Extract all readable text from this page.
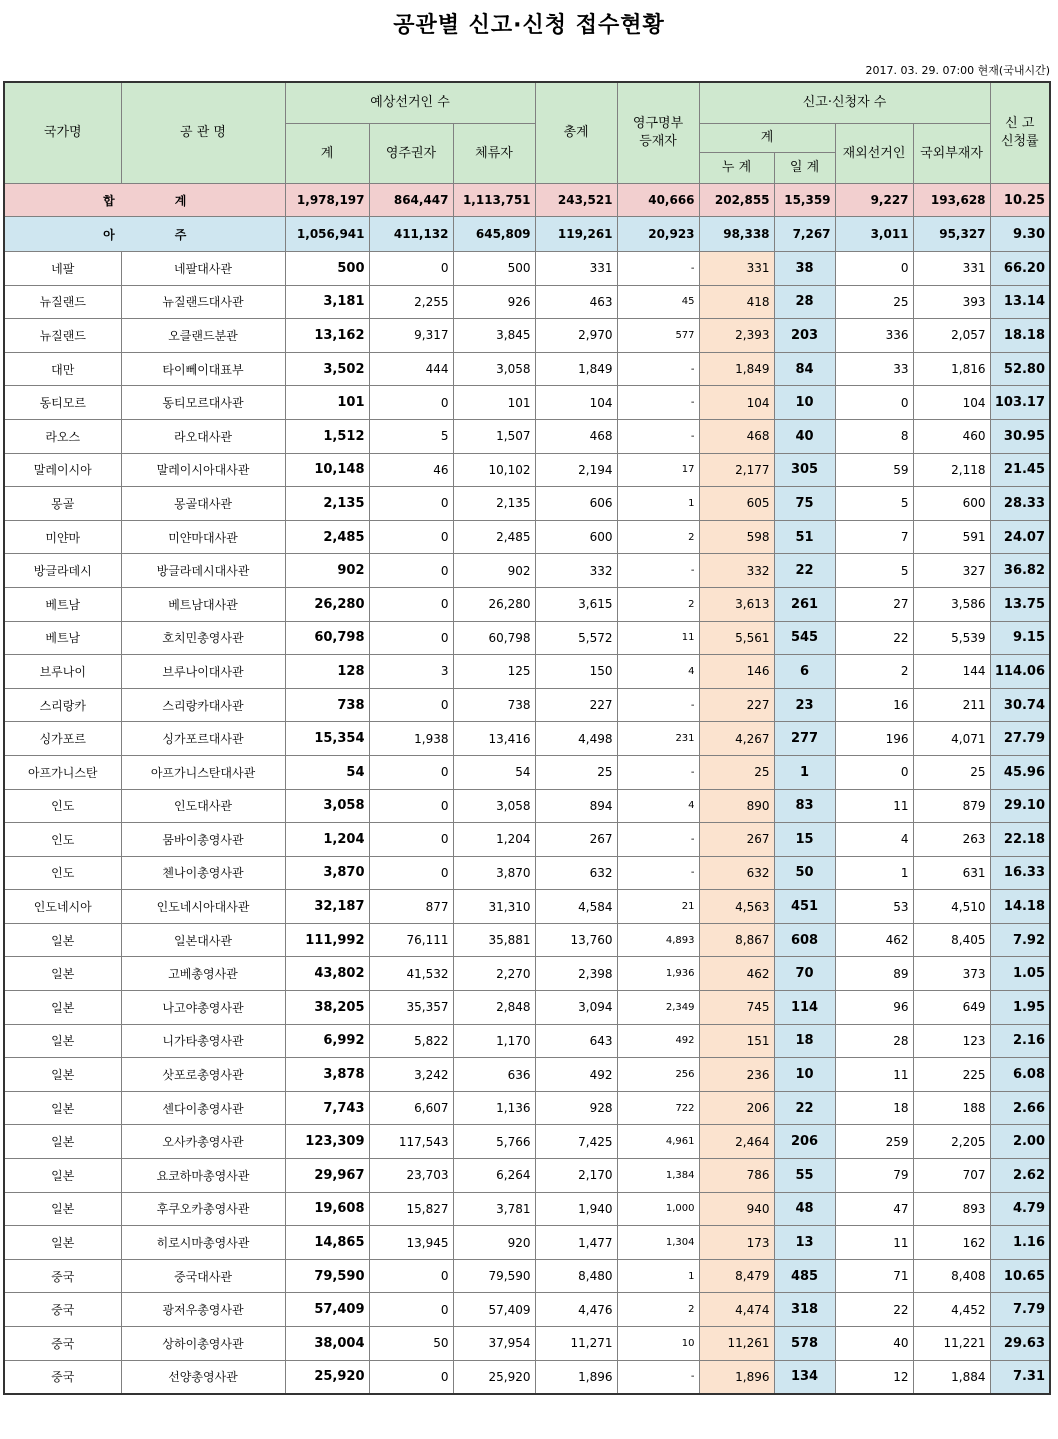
공관별 신고·신청 접수현황
2017. 03. 29. 07:00 현재(국내시간)
국가명	공 관 명	예상선거인 수			총계	영구명부
등재자	신고·신청자 수				신 고
신청률
		계	영주권자	체류자			계		재외선거인	국외부재자	
							누 계	일 계			
합 계		1,978,197	864,447	1,113,751	243,521	40,666	202,855	15,359	9,227	193,628	10.25
아 주		1,056,941	411,132	645,809	119,261	20,923	98,338	7,267	3,011	95,327	9.30
네팔	네팔대사관	500	0	500	331	-	331	38	0	331	66.20
뉴질랜드	뉴질랜드대사관	3,181	2,255	926	463	45	418	28	25	393	13.14
뉴질랜드	오클랜드분관	13,162	9,317	3,845	2,970	577	2,393	203	336	2,057	18.18
대만	타이뻬이대표부	3,502	444	3,058	1,849	-	1,849	84	33	1,816	52.80
동티모르	동티모르대사관	101	0	101	104	-	104	10	0	104	103.17
라오스	라오대사관	1,512	5	1,507	468	-	468	40	8	460	30.95
말레이시아	말레이시아대사관	10,148	46	10,102	2,194	17	2,177	305	59	2,118	21.45
몽골	몽골대사관	2,135	0	2,135	606	1	605	75	5	600	28.33
미얀마	미얀마대사관	2,485	0	2,485	600	2	598	51	7	591	24.07
방글라데시	방글라데시대사관	902	0	902	332	-	332	22	5	327	36.82
베트남	베트남대사관	26,280	0	26,280	3,615	2	3,613	261	27	3,586	13.75
베트남	호치민총영사관	60,798	0	60,798	5,572	11	5,561	545	22	5,539	9.15
브루나이	브루나이대사관	128	3	125	150	4	146	6	2	144	114.06
스리랑카	스리랑카대사관	738	0	738	227	-	227	23	16	211	30.74
싱가포르	싱가포르대사관	15,354	1,938	13,416	4,498	231	4,267	277	196	4,071	27.79
아프가니스탄	아프가니스탄대사관	54	0	54	25	-	25	1	0	25	45.96
인도	인도대사관	3,058	0	3,058	894	4	890	83	11	879	29.10
인도	뭄바이총영사관	1,204	0	1,204	267	-	267	15	4	263	22.18
인도	첸나이총영사관	3,870	0	3,870	632	-	632	50	1	631	16.33
인도네시아	인도네시아대사관	32,187	877	31,310	4,584	21	4,563	451	53	4,510	14.18
일본	일본대사관	111,992	76,111	35,881	13,760	4,893	8,867	608	462	8,405	7.92
일본	고베총영사관	43,802	41,532	2,270	2,398	1,936	462	70	89	373	1.05
일본	나고야총영사관	38,205	35,357	2,848	3,094	2,349	745	114	96	649	1.95
일본	니가타총영사관	6,992	5,822	1,170	643	492	151	18	28	123	2.16
일본	삿포로총영사관	3,878	3,242	636	492	256	236	10	11	225	6.08
일본	센다이총영사관	7,743	6,607	1,136	928	722	206	22	18	188	2.66
일본	오사카총영사관	123,309	117,543	5,766	7,425	4,961	2,464	206	259	2,205	2.00
일본	요코하마총영사관	29,967	23,703	6,264	2,170	1,384	786	55	79	707	2.62
일본	후쿠오카총영사관	19,608	15,827	3,781	1,940	1,000	940	48	47	893	4.79
일본	히로시마총영사관	14,865	13,945	920	1,477	1,304	173	13	11	162	1.16
중국	중국대사관	79,590	0	79,590	8,480	1	8,479	485	71	8,408	10.65
중국	광저우총영사관	57,409	0	57,409	4,476	2	4,474	318	22	4,452	7.79
중국	상하이총영사관	38,004	50	37,954	11,271	10	11,261	578	40	11,221	29.63
중국	선양총영사관	25,920	0	25,920	1,896	-	1,896	134	12	1,884	7.31
